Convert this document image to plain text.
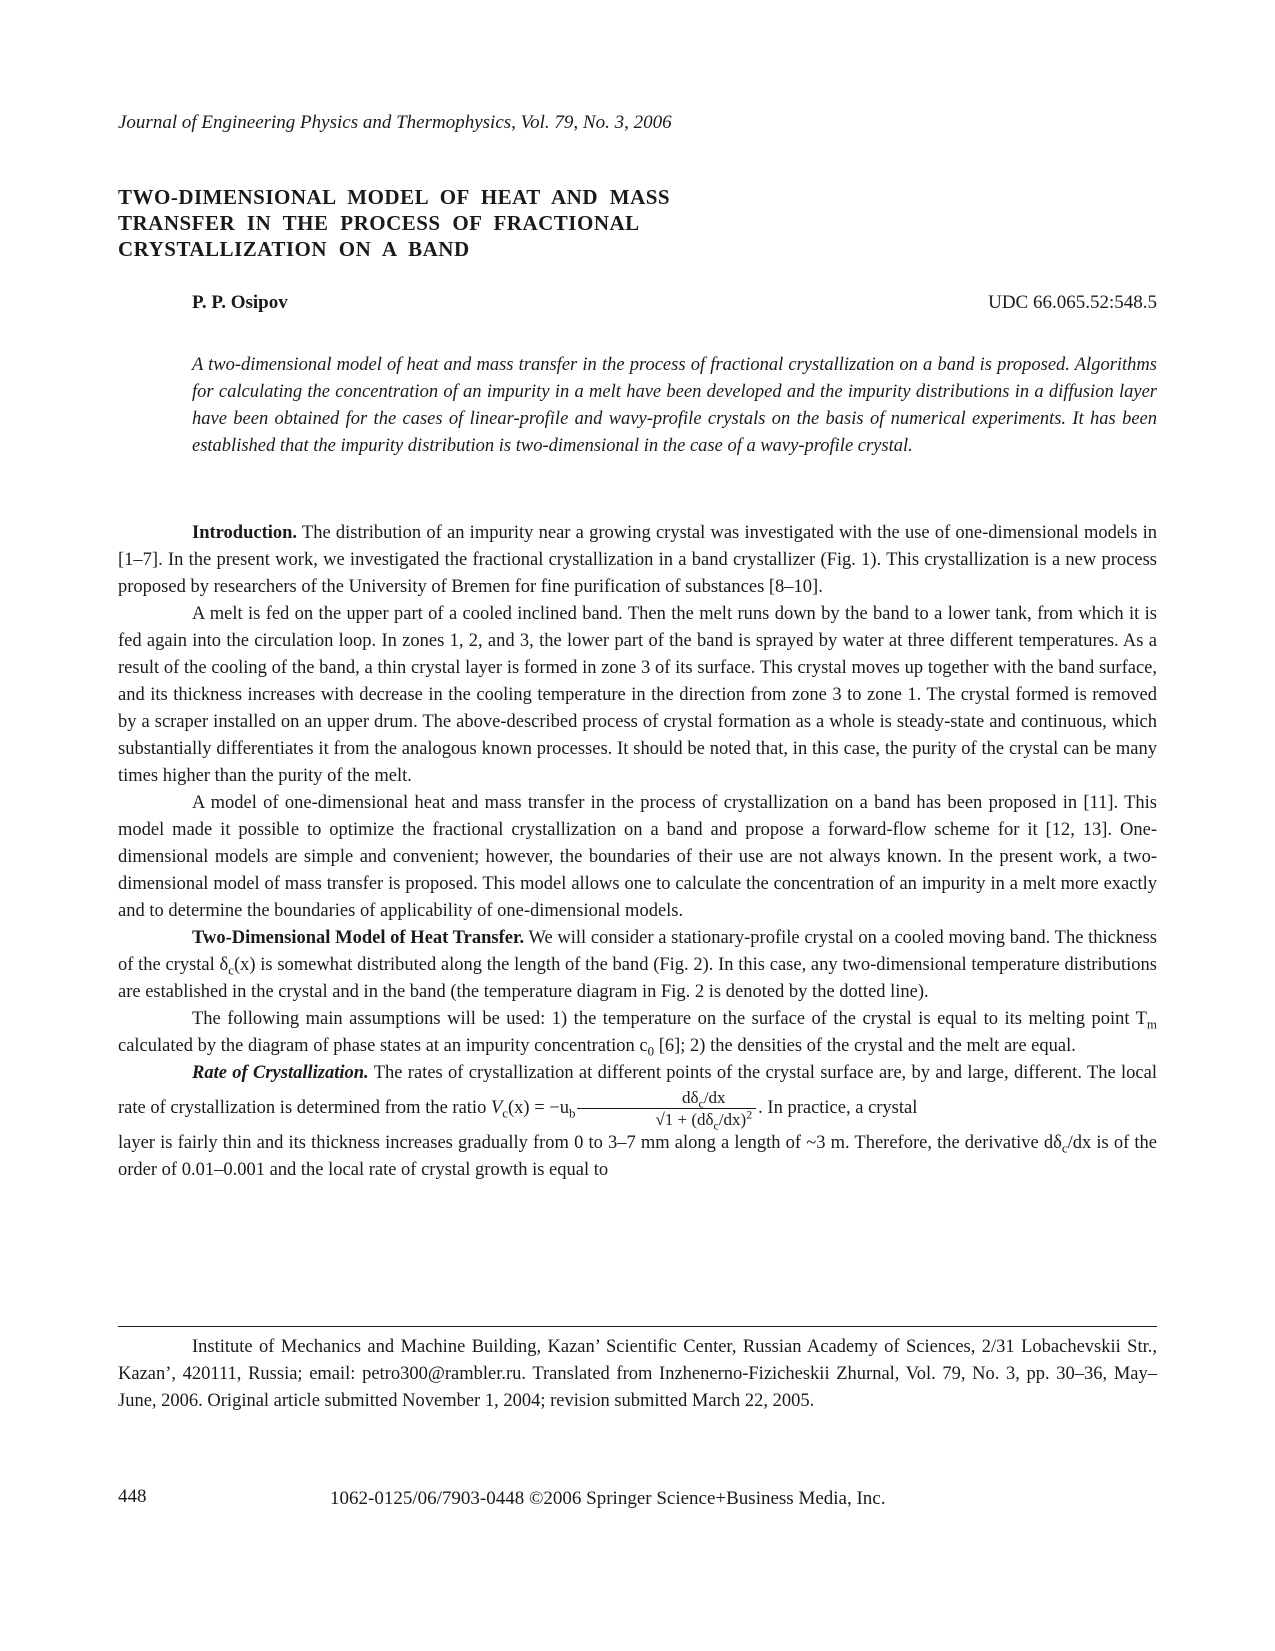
Journal of Engineering Physics and Thermophysics, Vol. 79, No. 3, 2006
TWO-DIMENSIONAL MODEL OF HEAT AND MASS
TRANSFER IN THE PROCESS OF FRACTIONAL
CRYSTALLIZATION ON A BAND
P. P. Osipov	UDC 66.065.52:548.5
A two-dimensional model of heat and mass transfer in the process of fractional crystallization on a band is proposed. Algorithms for calculating the concentration of an impurity in a melt have been developed and the impurity distributions in a diffusion layer have been obtained for the cases of linear-profile and wavy-profile crystals on the basis of numerical experiments. It has been established that the impurity distribution is two-dimensional in the case of a wavy-profile crystal.

Introduction. The distribution of an impurity near a growing crystal was investigated with the use of one-dimensional models in [1–7]. In the present work, we investigated the fractional crystallization in a band crystallizer (Fig. 1). This crystallization is a new process proposed by researchers of the University of Bremen for fine purification of substances [8–10].

A melt is fed on the upper part of a cooled inclined band. Then the melt runs down by the band to a lower tank, from which it is fed again into the circulation loop. In zones 1, 2, and 3, the lower part of the band is sprayed by water at three different temperatures. As a result of the cooling of the band, a thin crystal layer is formed in zone 3 of its surface. This crystal moves up together with the band surface, and its thickness increases with decrease in the cooling temperature in the direction from zone 3 to zone 1. The crystal formed is removed by a scraper installed on an upper drum. The above-described process of crystal formation as a whole is steady-state and continuous, which substantially differentiates it from the analogous known processes. It should be noted that, in this case, the purity of the crystal can be many times higher than the purity of the melt.

A model of one-dimensional heat and mass transfer in the process of crystallization on a band has been proposed in [11]. This model made it possible to optimize the fractional crystallization on a band and propose a forward-flow scheme for it [12, 13]. One-dimensional models are simple and convenient; however, the boundaries of their use are not always known. In the present work, a two-dimensional model of mass transfer is proposed. This model allows one to calculate the concentration of an impurity in a melt more exactly and to determine the boundaries of applicability of one-dimensional models.

Two-Dimensional Model of Heat Transfer. We will consider a stationary-profile crystal on a cooled moving band. The thickness of the crystal $\delta_c(x)$ is somewhat distributed along the length of the band (Fig. 2). In this case, any two-dimensional temperature distributions are established in the crystal and in the band (the temperature diagram in Fig. 2 is denoted by the dotted line).

The following main assumptions will be used: 1) the temperature on the surface of the crystal is equal to its melting point $T_m$ calculated by the diagram of phase states at an impurity concentration $c_0$ [6]; 2) the densities of the crystal and the melt are equal.

Rate of Crystallization. The rates of crystallization at different points of the crystal surface are, by and large, different. The local rate of crystallization is determined from the ratio $V_c(x) = -u_b \frac{d\delta_c/dx}{√1 + (d\delta_c/dx)^2}$ . In practice, a crystal

layer is fairly thin and its thickness increases gradually from 0 to 3–7 mm along a length of ~3 m. Therefore, the derivative $d\delta_c/dx$ is of the order of 0.01–0.001 and the local rate of crystal growth is equal to

Institute of Mechanics and Machine Building, Kazan’ Scientific Center, Russian Academy of Sciences, 2/31 Lobachevskii Str., Kazan’, 420111, Russia; email: petro300@rambler.ru. Translated from Inzhenerno-Fizicheskii Zhurnal, Vol. 79, No. 3, pp. 30–36, May–June, 2006. Original article submitted November 1, 2004; revision submitted March 22, 2005.

448	1062-0125/06/7903-0448 ©2006 Springer Science+Business Media, Inc.
